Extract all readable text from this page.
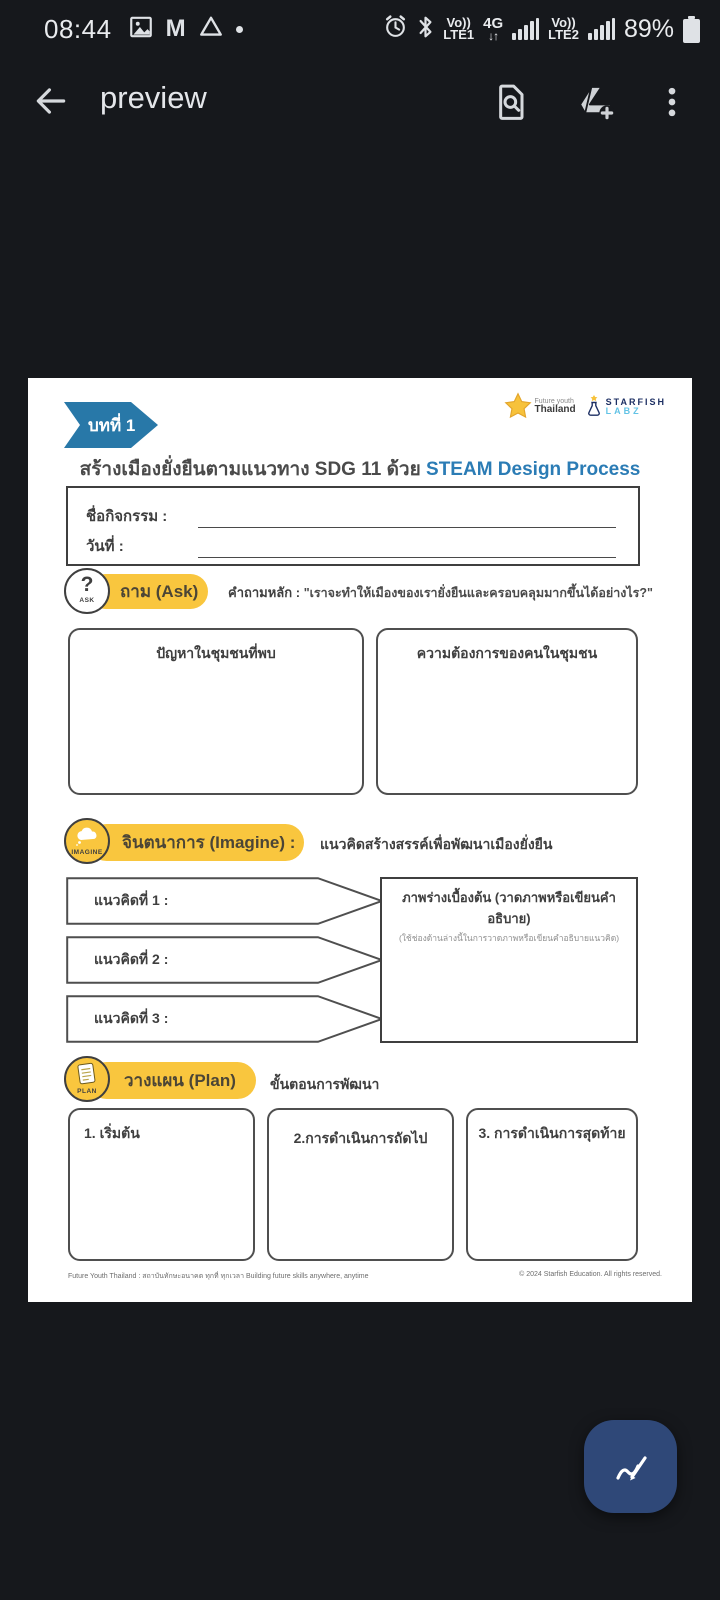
08:44 M	Vo))
LTE1
4G
↓↑
Vo))
LTE2 89%
preview
บทที่ 1
Future youth
Thailand
STARFISH
LABZ
สร้างเมืองยั่งยืนตามแนวทาง SDG 11 ด้วย STEAM Design Process
ชื่อกิจกรรม :
วันที่ :
?
ASK	ถาม (Ask) คำถามหลัก : "เราจะทำให้เมืองของเรายั่งยืนและครอบคลุมมากขึ้นได้อย่างไร?"
ปัญหาในชุมชนที่พบ	ความต้องการของคนในชุมชน
IMAGINE
จินตนาการ (Imagine) : แนวคิดสร้างสรรค์เพื่อพัฒนาเมืองยั่งยืน
แนวคิดที่ 1 :
แนวคิดที่ 2 :
แนวคิดที่ 3 :
ภาพร่างเบื้องต้น (วาดภาพหรือเขียนคำอธิบาย)
(ใช้ช่องด้านล่างนี้ในการวาดภาพหรือเขียนคำอธิบายแนวคิด)
PLAN
วางแผน (Plan) ขั้นตอนการพัฒนา
1. เริ่มต้น	2.การดำเนินการถัดไป	3. การดำเนินการสุดท้าย
Future Youth Thailand : สถาบันทักษะอนาคต ทุกที่ ทุกเวลา Building future skills anywhere, anytime	© 2024 Starfish Education. All rights reserved.
